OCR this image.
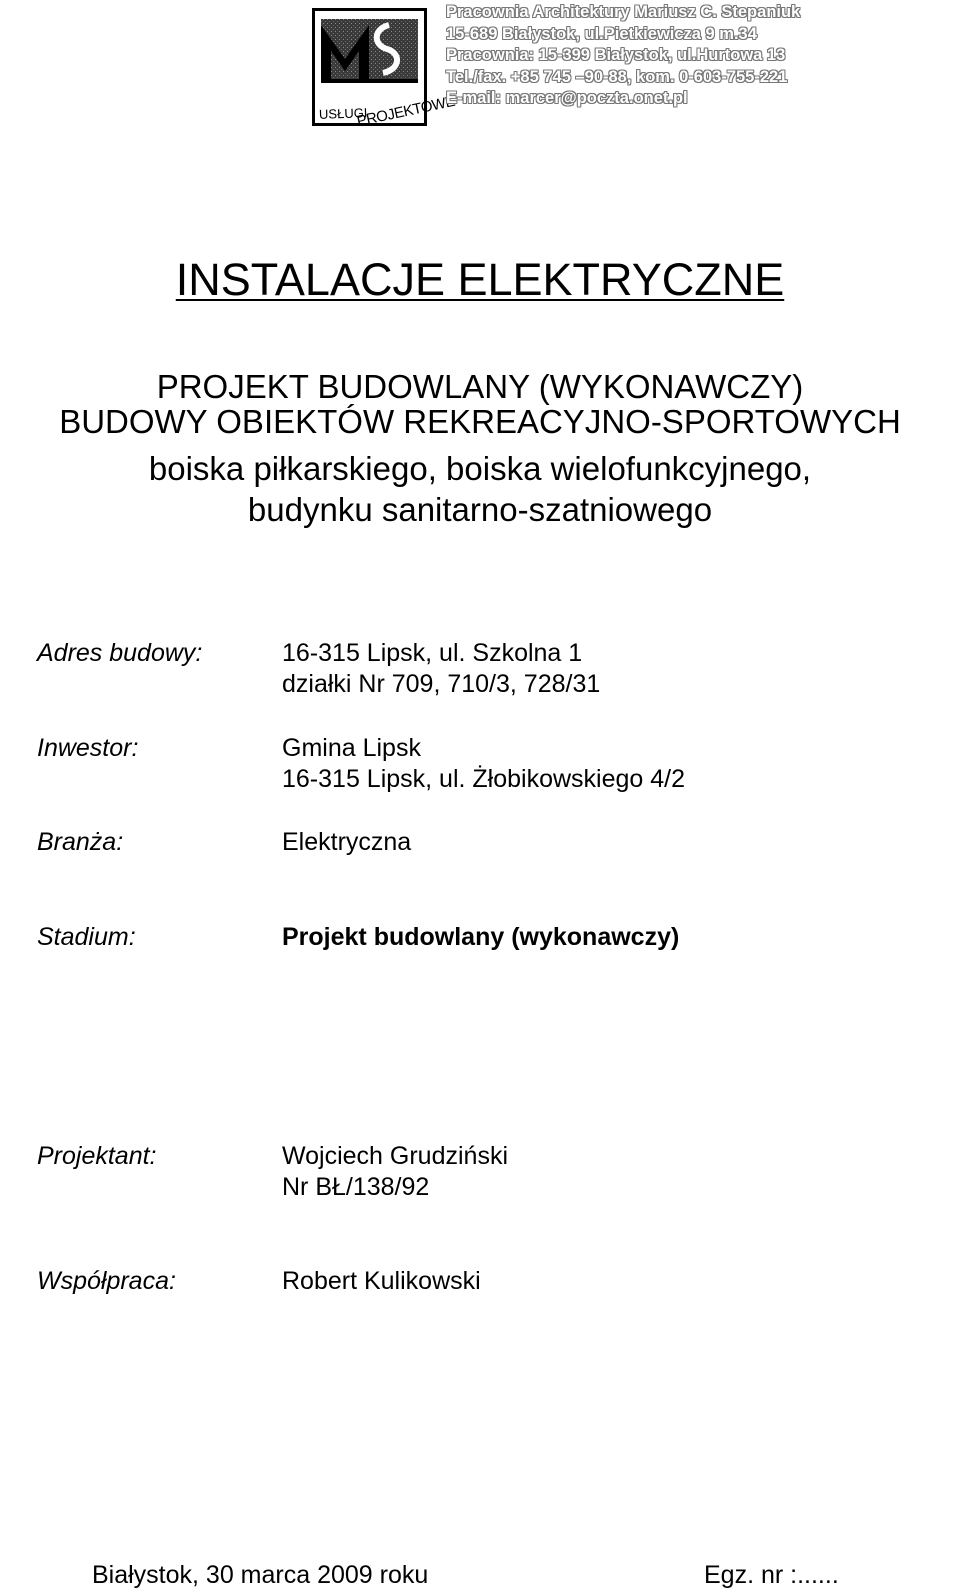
USŁUGI
PROJEKTOWE
Pracownia Architektury Mariusz C. Stepaniuk
15-689 Białystok, ul.Pietkiewicza 9 m.34
Pracownia: 15-399 Białystok, ul.Hurtowa 13
Tel./fax. +85 745 –90-88, kom. 0-603-755-221
E-mail: marcer@poczta.onet.pl
INSTALACJE ELEKTRYCZNE
PROJEKT BUDOWLANY (WYKONAWCZY)
BUDOWY OBIEKTÓW REKREACYJNO-SPORTOWYCH
boiska piłkarskiego, boiska wielofunkcyjnego,
budynku sanitarno-szatniowego
Adres budowy:	16-315 Lipsk, ul. Szkolna 1
działki Nr 709, 710/3, 728/31
Inwestor:	Gmina Lipsk
16-315 Lipsk, ul. Żłobikowskiego 4/2
Branża:	Elektryczna
Stadium:	Projekt budowlany (wykonawczy)
Projektant:	Wojciech Grudziński
Nr BŁ/138/92
Współpraca:	Robert Kulikowski
Białystok, 30 marca 2009 roku	Egz. nr :......
